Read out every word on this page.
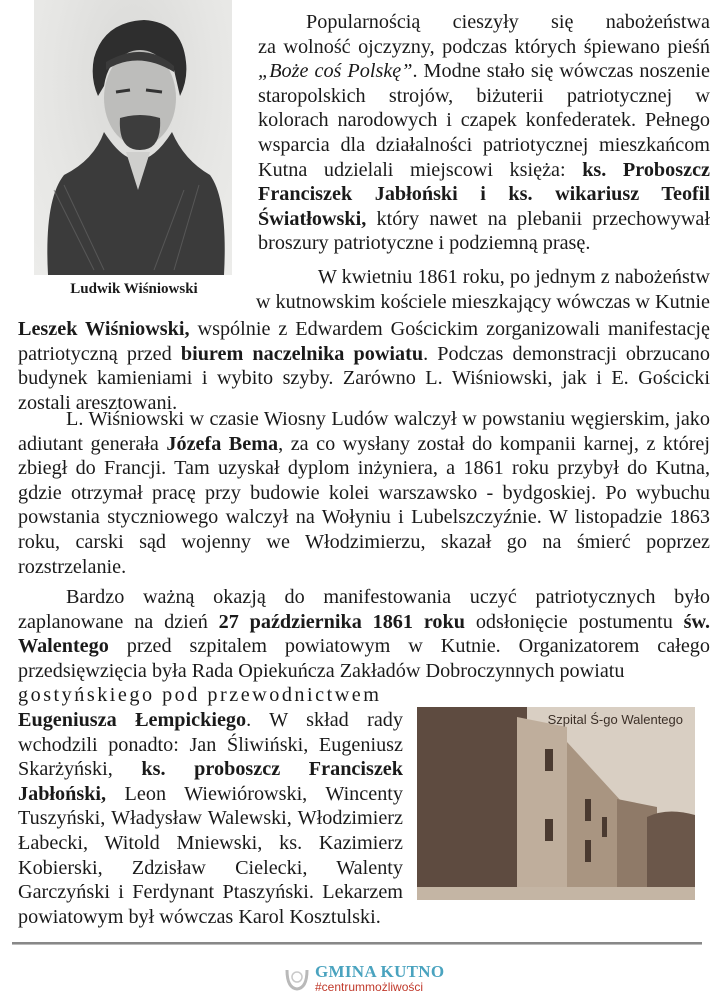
Ludwik Wiśniowski
Popularnością cieszyły się nabożeństwa
za wolność ojczyzny, podczas których śpiewano pieśń „Boże coś Polskę”. Modne stało się wówczas noszenie staropolskich strojów, biżuterii patriotycznej w kolorach narodowych i czapek konfederatek. Pełnego wsparcia dla działalności patriotycznej mieszkańcom Kutna udzielali miejscowi księża: ks. Proboszcz Franciszek Jabłoński i ks. wikariusz Teofil Światłowski, który nawet na plebanii przechowywał broszury patriotyczne i podziemną prasę.
W kwietniu 1861 roku, po jednym z nabożeństw
w kutnowskim kościele mieszkający wówczas w Kutnie
Leszek Wiśniowski, wspólnie z Edwardem Gościckim zorganizowali manifestację patriotyczną przed biurem naczelnika powiatu. Podczas demonstracji obrzucano budynek kamieniami i wybito szyby. Zarówno L. Wiśniowski, jak i E. Gościcki zostali aresztowani.
L. Wiśniowski w czasie Wiosny Ludów walczył w powstaniu węgierskim, jako adiutant generała Józefa Bema, za co wysłany został do kompanii karnej, z której zbiegł do Francji. Tam uzyskał dyplom inżyniera, a 1861 roku przybył do Kutna, gdzie otrzymał pracę przy budowie kolei warszawsko - bydgoskiej. Po wybuchu powstania styczniowego walczył na Wołyniu i Lubelszczyźnie. W listopadzie 1863 roku, carski sąd wojenny we Włodzimierzu, skazał go na śmierć poprzez rozstrzelanie.
Bardzo ważną okazją do manifestowania uczyć patriotycznych było zaplanowane na dzień 27 października 1861 roku odsłonięcie postumentu św. Walentego przed szpitalem powiatowym w Kutnie. Organizatorem całego przedsięwzięcia była Rada Opiekuńcza Zakładów Dobroczynnych powiatu
gostyńskiego pod przewodnictwem
Eugeniusza Łempickiego. W skład rady wchodzili ponadto: Jan Śliwiński, Eugeniusz Skarżyński, ks. proboszcz Franciszek Jabłoński, Leon Wiewiórowski, Wincenty Tuszyński, Władysław Walewski, Włodzimierz Łabecki, Witold Mniewski, ks. Kazimierz Kobierski, Zdzisław Cielecki, Walenty Garczyński i Ferdynant Ptaszyński. Lekarzem powiatowym był wówczas Karol Kosztulski.
Szpital Ś-go Walentego
GMINA KUTNO
#centrummożliwości
